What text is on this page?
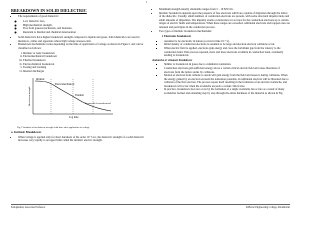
1
BREAKDOWN IN SOLID DIELECTRIC
• The requirements of good dielectric:
◦ Low dielectric loss,
◦ High mechanical strength,
◦ Free from gaseous inclusions, and moisture,
◦ Resistant to thermal and chemical deterioration
• Solid dielectrics have higher breakdown strength compared to liquids and gases. Solid dielectrics are used in insulators, cables and apparatus where high voltage stresses exist.
• Breakdown mechanisms varies depending on the time of application of voltage as shown in Figure 1 and can be classified as follows:
i. Intrinsic or ionic breakdown
ii. Electromechanical breakdown
iii. Thermal breakdown
iv. Electrochemical breakdown
v. Treeing and tracking
vi. Internal discharges
Intrinsic
Electromechanical
Thermal
Erosion & electrochemical
Breakdown strength
Log time
Fig.1 Variation of breakdown strength with time after application of voltage
a. Intrinsic Breakdown:
• When voltage is applied only for short durations of the order 10⁻⁸ sec, the dielectric strength of a solid dielectric increases very rapidly to an upper limit called the intrinsic electric strength.
• Maximum strength usually obtainable ranges from 5 – 10 MV/cm.
• Intrinsic breakdown depends upon the presence of free electrons which are capable of migration through the lattice of the dielectric. Usually, small numbers of conduction electrons are present, with some structural imperfections and small amounts of impurities. The impurity atoms or molecules act as traps for the conduction electrons up to certain ranges of electric fields and temperatures. When these ranges are exceeded, additional electrons and trapped ones are released and participate in the conduction process.
• Two types of intrinsic breakdown mechanisms:
i. Electronic breakdown:
▪ Assumed to be electronic in nature (occurs in time 10⁻⁸ s).
▪ Initial density of conduction electrons is assumed to be large and electron-electron collisions occur.
▪ When electric field is applied, electrons gain energy and cross the forbidden gap from the valency to the conduction band. This process repeated, more and more electrons available in conduction band, eventually leading to breakdown.
Avalanche or streamer breakdown:
▪ Similar to breakdown in gases due to cumulative ionization.
▪ Conduction electrons gain sufficient energy above a certain critical electric field and cause liberation of electrons from the lattice atoms by collisions.
▪ Motion of electron from cathode to anode will gain energy from the field and losses it during collisions. When the energy gained by an electron exceeds the ionization potential, an additional electron will be liberated due to collision of the first electron. The process repeat itself resulting in the formation of an electron avalanche, and breakdown will occur when the avalanche exceeds a certain critical size.
▪ In practice, breakdown does not occur by the formation of a single avalanche but occurs as a result of many avalanches formed and extending step by step through the entire thickness of the material as shown in Fig.
K.Rajkumar, Associate Professor	R.Bevse Engineering College, Perambalur
